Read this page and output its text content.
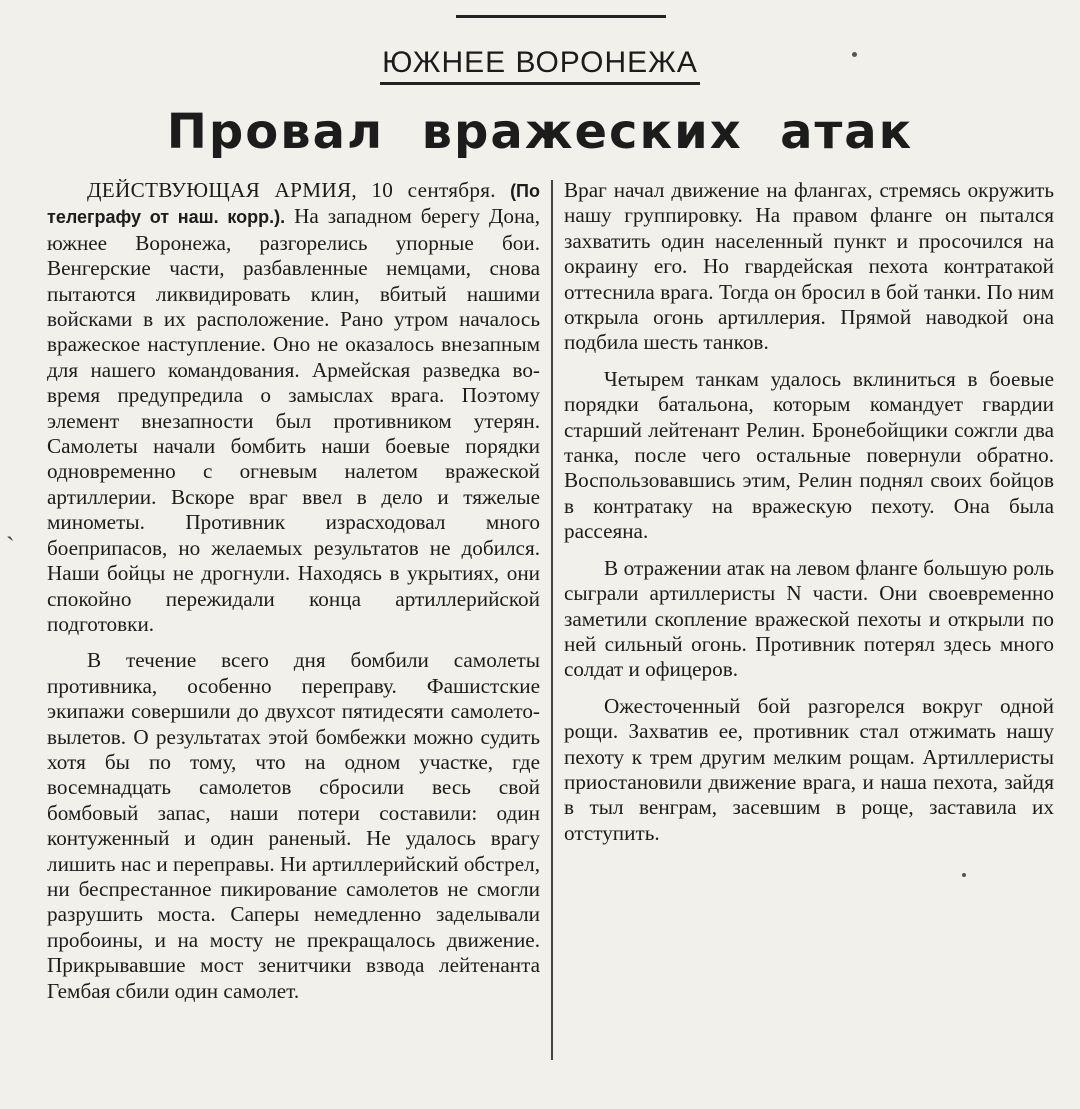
ЮЖНЕЕ ВОРОНЕЖА
Провал  вражеских  атак

ДЕЙСТВУЮЩАЯ АРМИЯ, 10 сентября. (По телеграфу от наш. корр.). На западном берегу Дона, южнее Воронежа, разгорелись упорные бои. Венгерские части, разбавленные немцами, снова пытаются ликвидировать клин, вбитый нашими войсками в их расположение. Рано утром началось вражеское наступление. Оно не оказалось внезапным для нашего командования. Армейская разведка во-время предупредила о замыслах врага. Поэтому элемент внезапности был противником утерян. Самолеты начали бомбить наши боевые порядки одновременно с огневым налетом вражеской артиллерии. Вскоре враг ввел в дело и тяжелые минометы. Противник израсходовал много боеприпасов, но желаемых результатов не добился. Наши бойцы не дрогнули. Находясь в укрытиях, они спокойно пережидали конца артиллерийской подготовки.

В течение всего дня бомбили самолеты противника, особенно переправу. Фашистские экипажи совершили до двухсот пятидесяти самолето-вылетов. О результатах этой бомбежки можно судить хотя бы по тому, что на одном участке, где восемнадцать самолетов сбросили весь свой бомбовый запас, наши потери составили: один контуженный и один раненый. Не удалось врагу лишить нас и переправы. Ни артиллерийский обстрел, ни беспрестанное пикирование самолетов не смогли разрушить моста. Саперы немедленно заделывали пробоины, и на мосту не прекращалось движение. Прикрывавшие мост зенитчики взвода лейтенанта Гембая сбили один самолет.

Враг начал движение на флангах, стремясь окружить нашу группировку. На правом фланге он пытался захватить один населенный пункт и просочился на окраину его. Но гвардейская пехота контратакой оттеснила врага. Тогда он бросил в бой танки. По ним открыла огонь артиллерия. Прямой наводкой она подбила шесть танков.

Четырем танкам удалось вклиниться в боевые порядки батальона, которым командует гвардии старший лейтенант Релин. Бронебойщики сожгли два танка, после чего остальные повернули обратно. Воспользовавшись этим, Релин поднял своих бойцов в контратаку на вражескую пехоту. Она была рассеяна.

В отражении атак на левом фланге большую роль сыграли артиллеристы N части. Они своевременно заметили скопление вражеской пехоты и открыли по ней сильный огонь. Противник потерял здесь много солдат и офицеров.

Ожесточенный бой разгорелся вокруг одной рощи. Захватив ее, противник стал отжимать нашу пехоту к трем другим мелким рощам. Артиллеристы приостановили движение врага, и наша пехота, зайдя в тыл венграм, засевшим в роще, заставила их отступить.

ˎ
